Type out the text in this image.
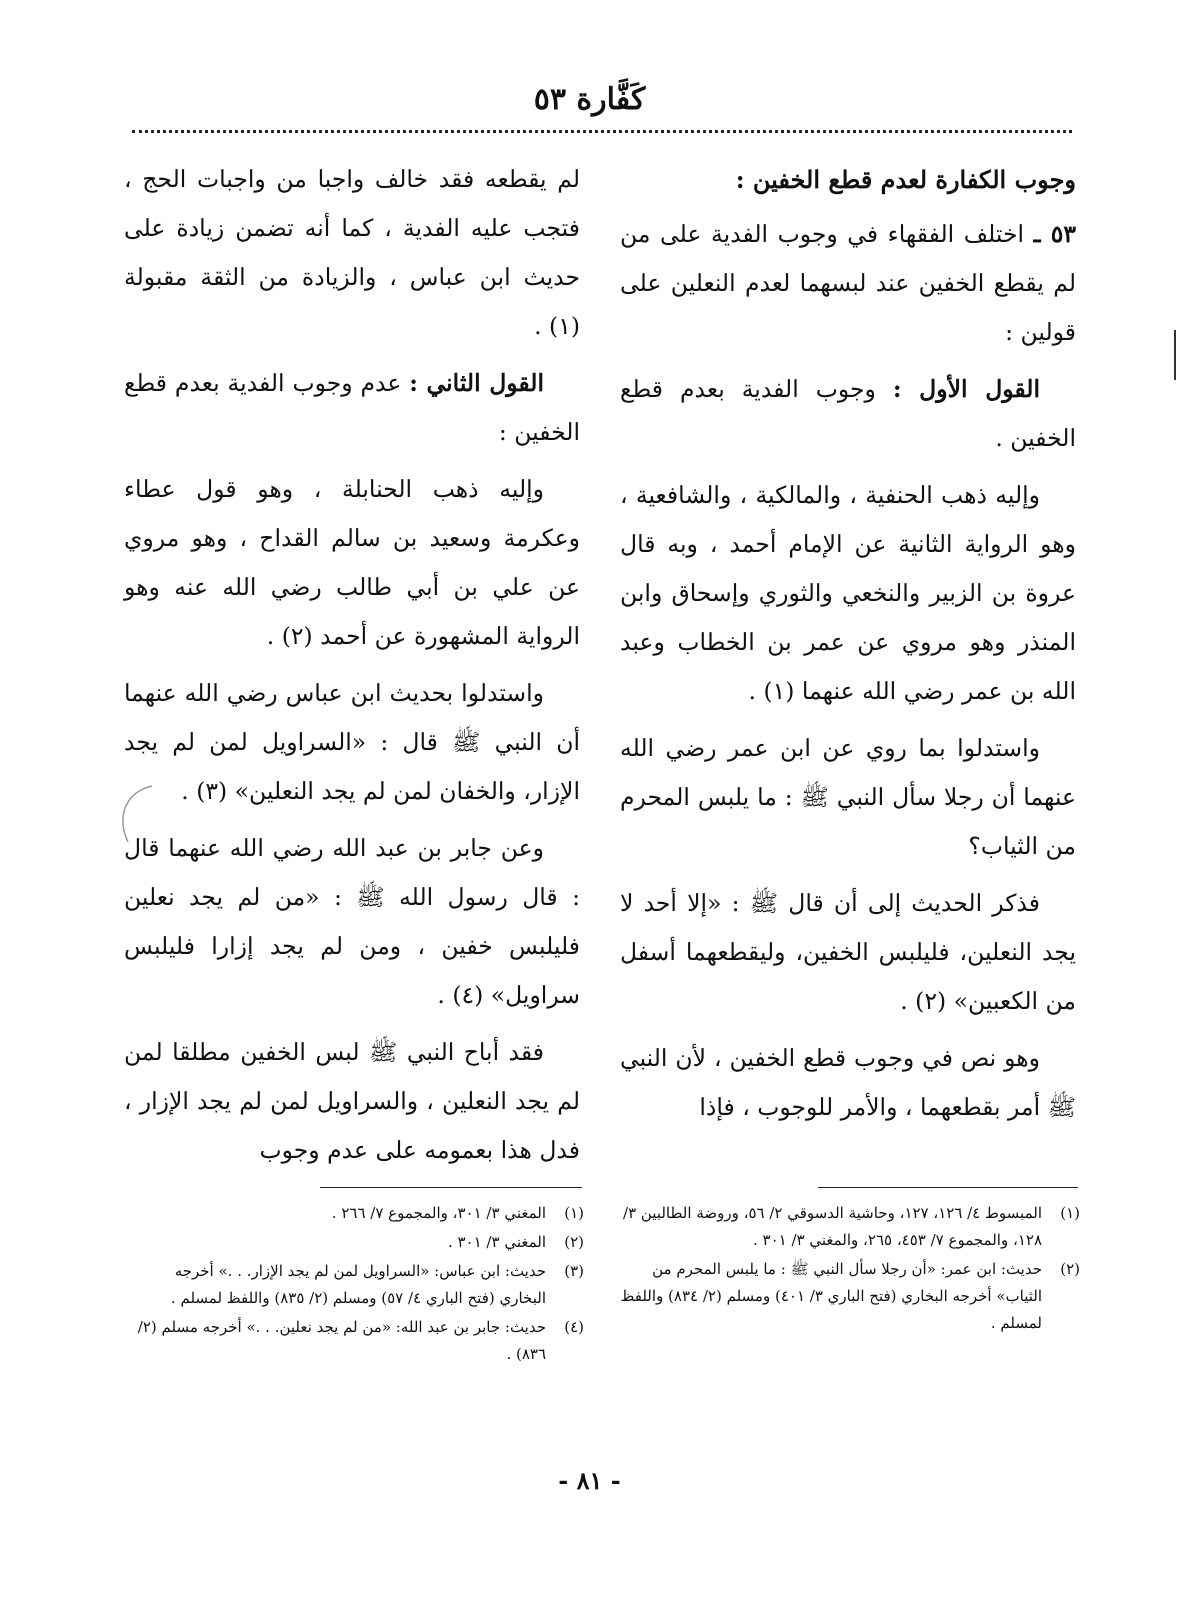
كَفَّارة ٥٣
وجوب الكفارة لعدم قطع الخفين :

٥٣ ـ اختلف الفقهاء في وجوب الفدية على من لم يقطع الخفين عند لبسهما لعدم النعلين على قولين :

القول الأول : وجوب الفدية بعدم قطع الخفين .

وإليه ذهب الحنفية ، والمالكية ، والشافعية ، وهو الرواية الثانية عن الإمام أحمد ، وبه قال عروة بن الزبير والنخعي والثوري وإسحاق وابن المنذر وهو مروي عن عمر بن الخطاب وعبد الله بن عمر رضي الله عنهما (١) .

واستدلوا بما روي عن ابن عمر رضي الله عنهما أن رجلا سأل النبي ﷺ : ما يلبس المحرم من الثياب؟

فذكر الحديث إلى أن قال ﷺ : «إلا أحد لا يجد النعلين، فليلبس الخفين، وليقطعهما أسفل من الكعبين» (٢) .

وهو نص في وجوب قطع الخفين ، لأن النبي ﷺ أمر بقطعهما ، والأمر للوجوب ، فإذا

لم يقطعه فقد خالف واجبا من واجبات الحج ، فتجب عليه الفدية ، كما أنه تضمن زيادة على حديث ابن عباس ، والزيادة من الثقة مقبولة (١) .

القول الثاني : عدم وجوب الفدية بعدم قطع الخفين :

وإليه ذهب الحنابلة ، وهو قول عطاء وعكرمة وسعيد بن سالم القداح ، وهو مروي عن علي بن أبي طالب رضي الله عنه وهو الرواية المشهورة عن أحمد (٢) .

واستدلوا بحديث ابن عباس رضي الله عنهما أن النبي ﷺ قال : «السراويل لمن لم يجد الإزار، والخفان لمن لم يجد النعلين» (٣) .

وعن جابر بن عبد الله رضي الله عنهما قال : قال رسول الله ﷺ : «من لم يجد نعلين فليلبس خفين ، ومن لم يجد إزارا فليلبس سراويل» (٤) .

فقد أباح النبي ﷺ لبس الخفين مطلقا لمن لم يجد النعلين ، والسراويل لمن لم يجد الإزار ، فدل هذا بعمومه على عدم وجوب

(١)
المبسوط ٤/ ١٢٦، ١٢٧، وحاشية الدسوقي ٢/ ٥٦، وروضة الطالبين ٣/ ١٢٨، والمجموع ٧/ ٤٥٣، ٢٦٥، والمغني ٣/ ٣٠١ .
(٢)
حديث: ابن عمر: «أن رجلا سأل النبي ﷺ : ما يلبس المحرم من الثياب» أخرجه البخاري (فتح الباري ٣/ ٤٠١) ومسلم (٢/ ٨٣٤) واللفظ لمسلم .
(١)
المغني ٣/ ٣٠١، والمجموع ٧/ ٢٦٦ .
(٢)
المغني ٣/ ٣٠١ .
(٣)
حديث: ابن عباس: «السراويل لمن لم يجد الإزار. . .» أخرجه البخاري (فتح الباري ٤/ ٥٧) ومسلم (٢/ ٨٣٥) واللفظ لمسلم .
(٤)
حديث: جابر بن عبد الله: «من لم يجد نعلين. . .» أخرجه مسلم (٢/ ٨٣٦) .
- ٨١ -
